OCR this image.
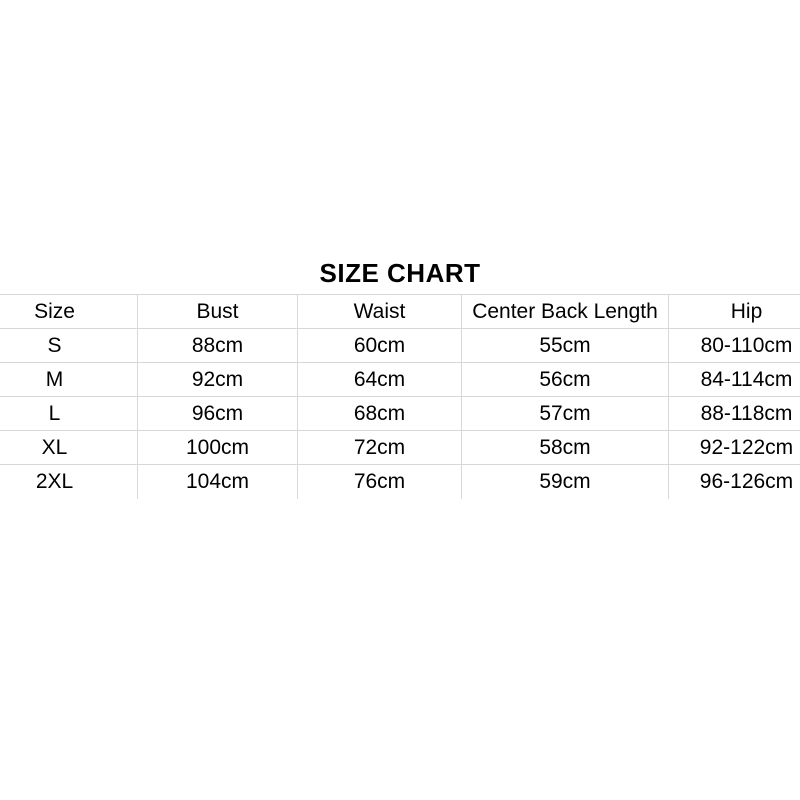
SIZE CHART
Size	Bust	Waist	Center Back Length	Hip
S	88cm	60cm	55cm	80-110cm
M	92cm	64cm	56cm	84-114cm
L	96cm	68cm	57cm	88-118cm
XL	100cm	72cm	58cm	92-122cm
2XL	104cm	76cm	59cm	96-126cm
